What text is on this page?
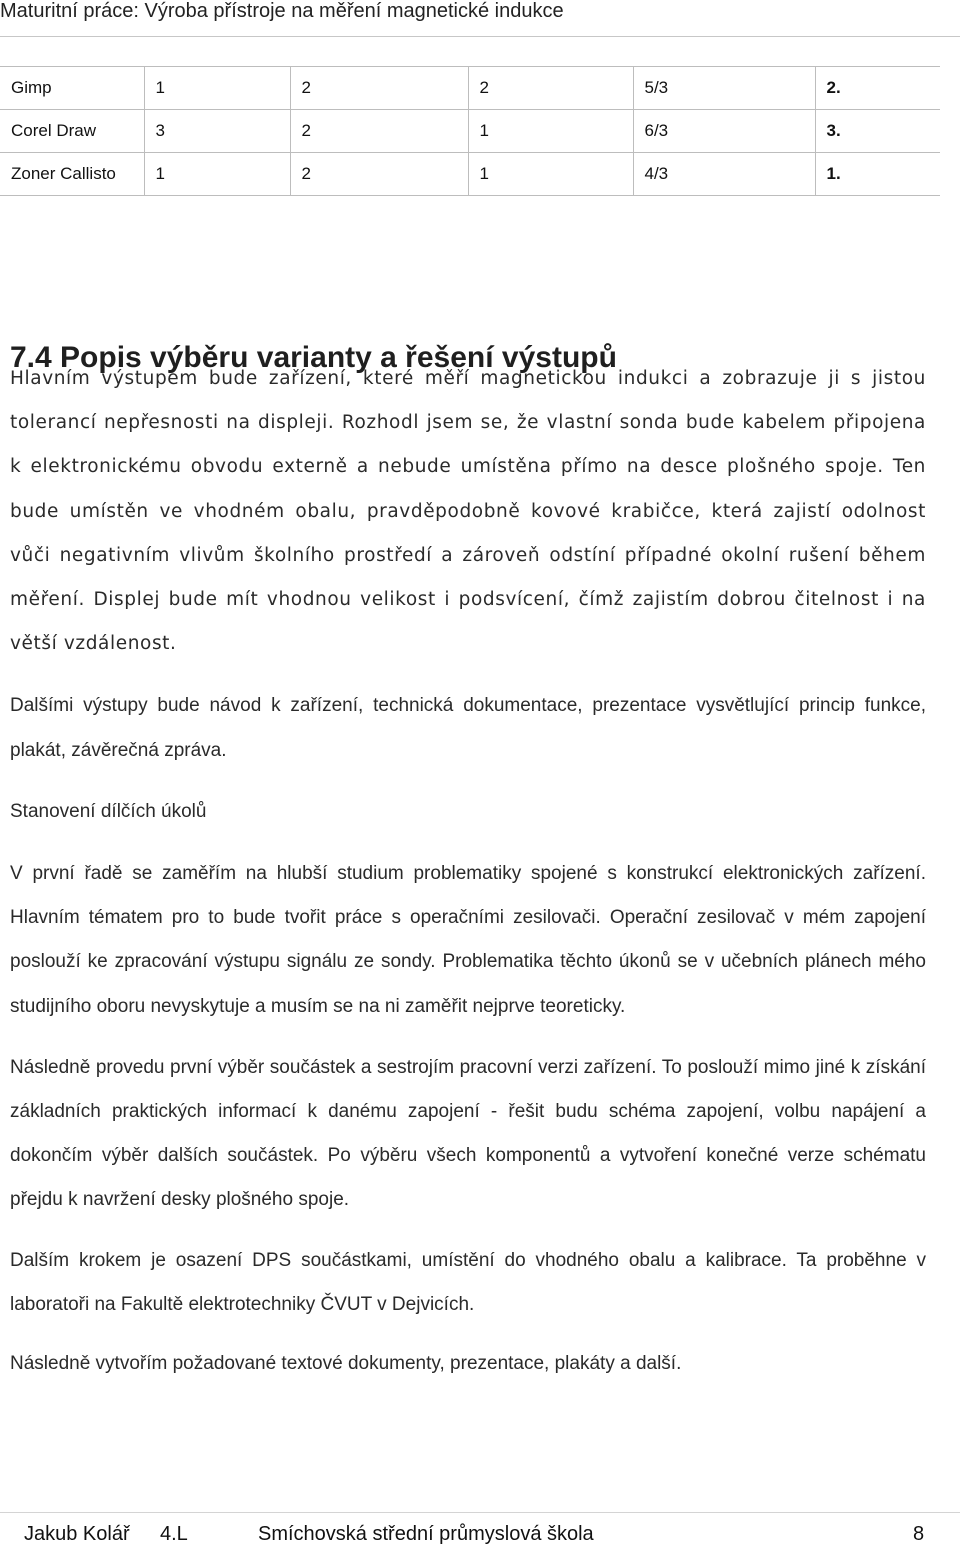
Maturitní práce: Výroba přístroje na měření magnetické indukce
Gimp	1	2	2	5/3	2.
Corel Draw	3	2	1	6/3	3.
Zoner Callisto	1	2	1	4/3	1.
7.4 Popis výběru varianty a řešení výstupů

Hlavním výstupem bude zařízení, které měří magnetickou indukci a zobrazuje ji s jistou tolerancí nepřesnosti na displeji. Rozhodl jsem se, že vlastní sonda bude kabelem připojena k elektronickému obvodu externě a nebude umístěna přímo na desce plošného spoje. Ten bude umístěn ve vhodném obalu, pravděpodobně kovové krabičce, která zajistí odolnost vůči negativním vlivům školního prostředí a zároveň odstíní případné okolní rušení během měření. Displej bude mít vhodnou velikost i podsvícení, čímž zajistím dobrou čitelnost i na větší vzdálenost.

Dalšími výstupy bude návod k zařízení, technická dokumentace, prezentace vysvětlující princip funkce, plakát, závěrečná zpráva.

Stanovení dílčích úkolů

V první řadě se zaměřím na hlubší studium problematiky spojené s konstrukcí elektronických zařízení. Hlavním tématem pro to bude tvořit práce s operačními zesilovači. Operační zesilovač v mém zapojení poslouží ke zpracování výstupu signálu ze sondy. Problematika těchto úkonů se v učebních plánech mého studijního oboru nevyskytuje a musím se na ni zaměřit nejprve teoreticky.

Následně provedu první výběr součástek a sestrojím pracovní verzi zařízení. To poslouží mimo jiné k získání základních praktických informací k danému zapojení - řešit budu schéma zapojení, volbu napájení a dokončím výběr dalších součástek. Po výběru všech komponentů a vytvoření konečné verze schématu přejdu k navržení desky plošného spoje.

Dalším krokem je osazení DPS součástkami, umístění do vhodného obalu a kalibrace. Ta proběhne v laboratoři na Fakultě elektrotechniky ČVUT v Dejvicích.

Následně vytvořím požadované textové dokumenty, prezentace, plakáty a další.

Jakub Kolář 4.L	Smíchovská střední průmyslová škola	8
